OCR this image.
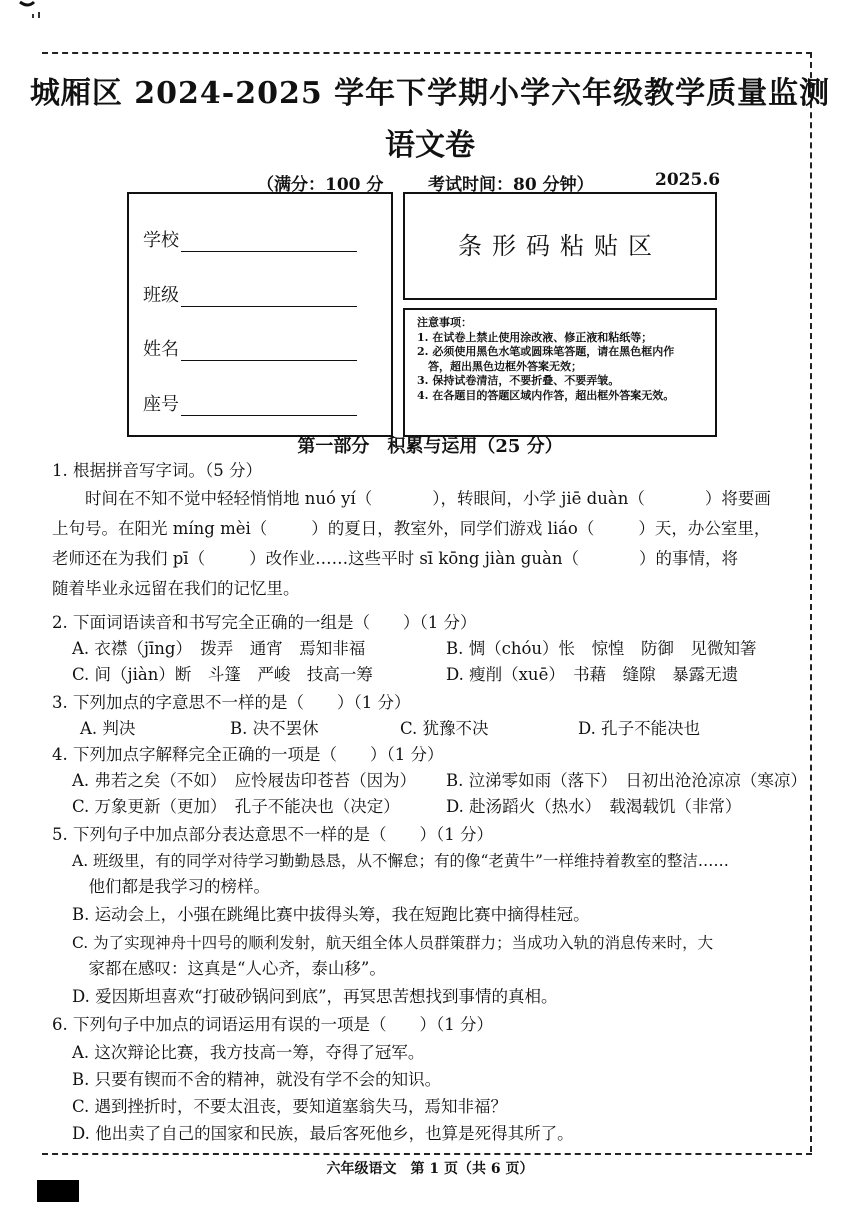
城厢区 2024-2025 学年下学期小学六年级教学质量监测
语文卷
（满分：100 分	考试时间：80 分钟）	2025.6
学校
班级
姓名
座号
条形码粘贴区
注意事项：
1. 在试卷上禁止使用涂改液、修正液和粘纸等；
2. 必须使用黑色水笔或圆珠笔答题，请在黑色框内作
　答，超出黑色边框外答案无效；
3. 保持试卷清洁，不要折叠、不要弄皱。
4. 在各题目的答题区域内作答，超出框外答案无效。
第一部分　积累与运用（25 分）
1. 根据拼音写字词。（5 分）
　　时间在不知不觉中轻轻悄悄地 nuó yí（	），转眼间，小学 jiē duàn（	）将要画
上句号。在阳光 míng mèi（	）的夏日，教室外，同学们游戏 liáo（	）天，办公室里，
老师还在为我们 pī（	）改作业……这些平时 sī kōng jiàn guàn（	）的事情，将
随着毕业永远留在我们的记忆里。
2. 下面词语读音和书写完全正确的一组是（　　）（1 分）
A. 衣襟（jīng）　拨弄　通宵　焉知非福	B. 惆（chóu）怅　惊惶　防御　见微知箸
C. 间（jiàn）断　斗篷　严峻　技高一筹	D. 瘦削（xuē）　书藉　缝隙　暴露无遗
3. 下列加点的字意思不一样的是（　　）（1 分）
A. 判决	B. 决不罢休	C. 犹豫不决	D. 孔子不能决也
4. 下列加点字解释完全正确的一项是（　　）（1 分）
A. 弗若之矣（不如）　应怜屐齿印苍苔（因为） B. 泣涕零如雨（落下）　日初出沧沧凉凉（寒凉）
C. 万象更新（更加）　孔子不能决也（决定）	D. 赴汤蹈火（热水）　载渴载饥（非常）
5. 下列句子中加点部分表达意思不一样的是（　　）（1 分）
A. 班级里，有的同学对待学习勤勤恳恳，从不懈怠；有的像“老黄牛”一样维持着教室的整洁……
　他们都是我学习的榜样。
B. 运动会上，小强在跳绳比赛中拔得头筹，我在短跑比赛中摘得桂冠。
C. 为了实现神舟十四号的顺利发射，航天组全体人员群策群力；当成功入轨的消息传来时，大
　家都在感叹：这真是“人心齐，泰山移”。
D. 爱因斯坦喜欢“打破砂锅问到底”，再冥思苦想找到事情的真相。
6. 下列句子中加点的词语运用有误的一项是（　　）（1 分）
A. 这次辩论比赛，我方技高一筹，夺得了冠军。
B. 只要有锲而不舍的精神，就没有学不会的知识。
C. 遇到挫折时，不要太沮丧，要知道塞翁失马，焉知非福？
D. 他出卖了自己的国家和民族，最后客死他乡，也算是死得其所了。
六年级语文　第 1 页（共 6 页）
